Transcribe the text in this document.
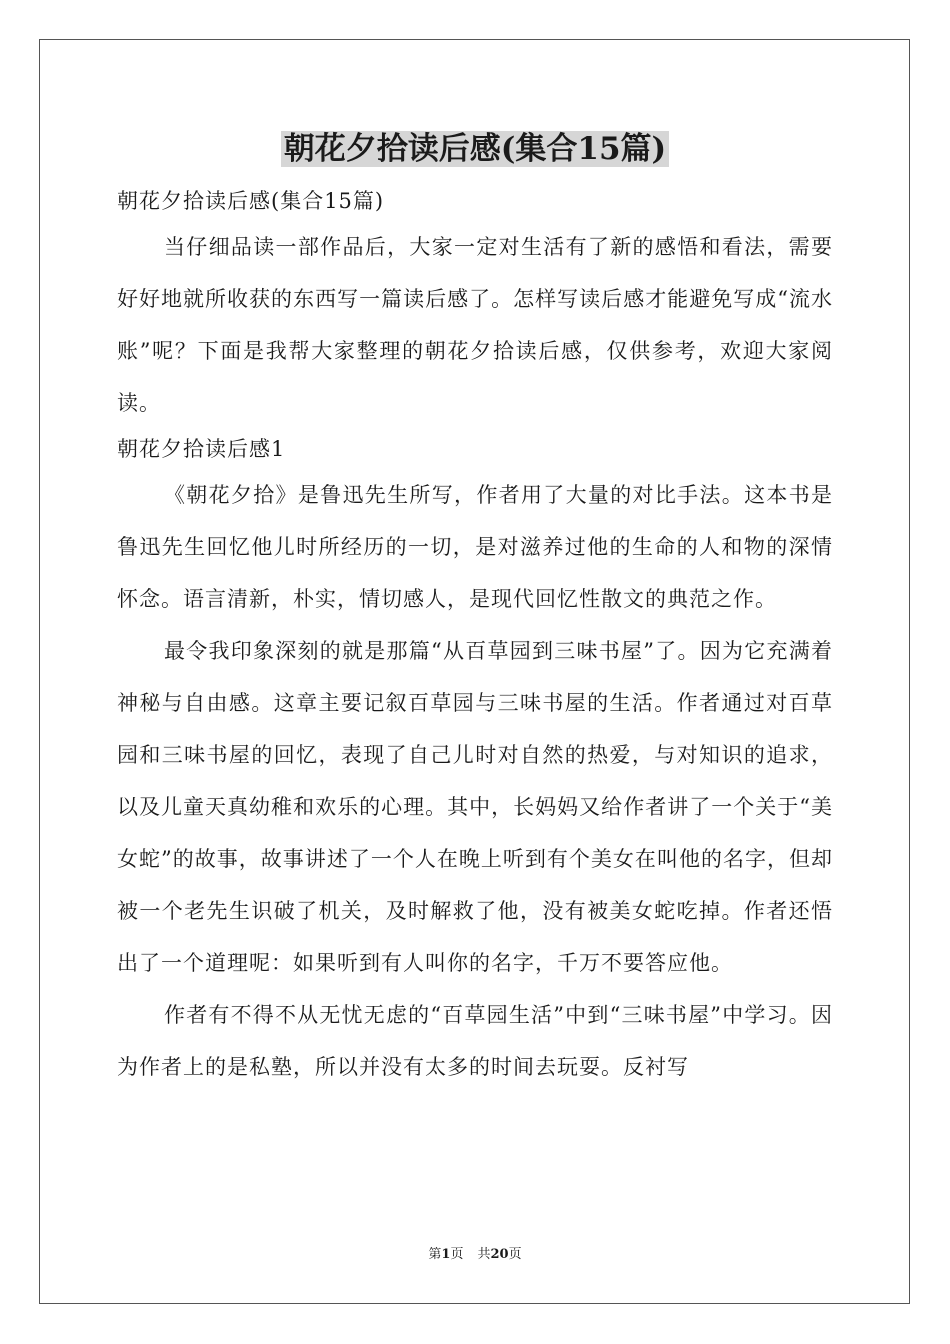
朝花夕拾读后感(集合15篇)

朝花夕拾读后感(集合15篇)

当仔细品读一部作品后，大家一定对生活有了新的感悟和看法，需要好好地就所收获的东西写一篇读后感了。怎样写读后感才能避免写成“流水账”呢？下面是我帮大家整理的朝花夕拾读后感，仅供参考，欢迎大家阅读。

朝花夕拾读后感1

《朝花夕拾》是鲁迅先生所写，作者用了大量的对比手法。这本书是鲁迅先生回忆他儿时所经历的一切，是对滋养过他的生命的人和物的深情怀念。语言清新，朴实，情切感人，是现代回忆性散文的典范之作。

最令我印象深刻的就是那篇“从百草园到三味书屋”了。因为它充满着神秘与自由感。这章主要记叙百草园与三味书屋的生活。作者通过对百草园和三味书屋的回忆，表现了自己儿时对自然的热爱，与对知识的追求，以及儿童天真幼稚和欢乐的心理。其中，长妈妈又给作者讲了一个关于“美女蛇”的故事，故事讲述了一个人在晚上听到有个美女在叫他的名字，但却被一个老先生识破了机关，及时解救了他，没有被美女蛇吃掉。作者还悟出了一个道理呢：如果听到有人叫你的名字，千万不要答应他。

作者有不得不从无忧无虑的“百草园生活”中到“三味书屋”中学习。因为作者上的是私塾，所以并没有太多的时间去玩耍。反衬写

第1页 共20页
